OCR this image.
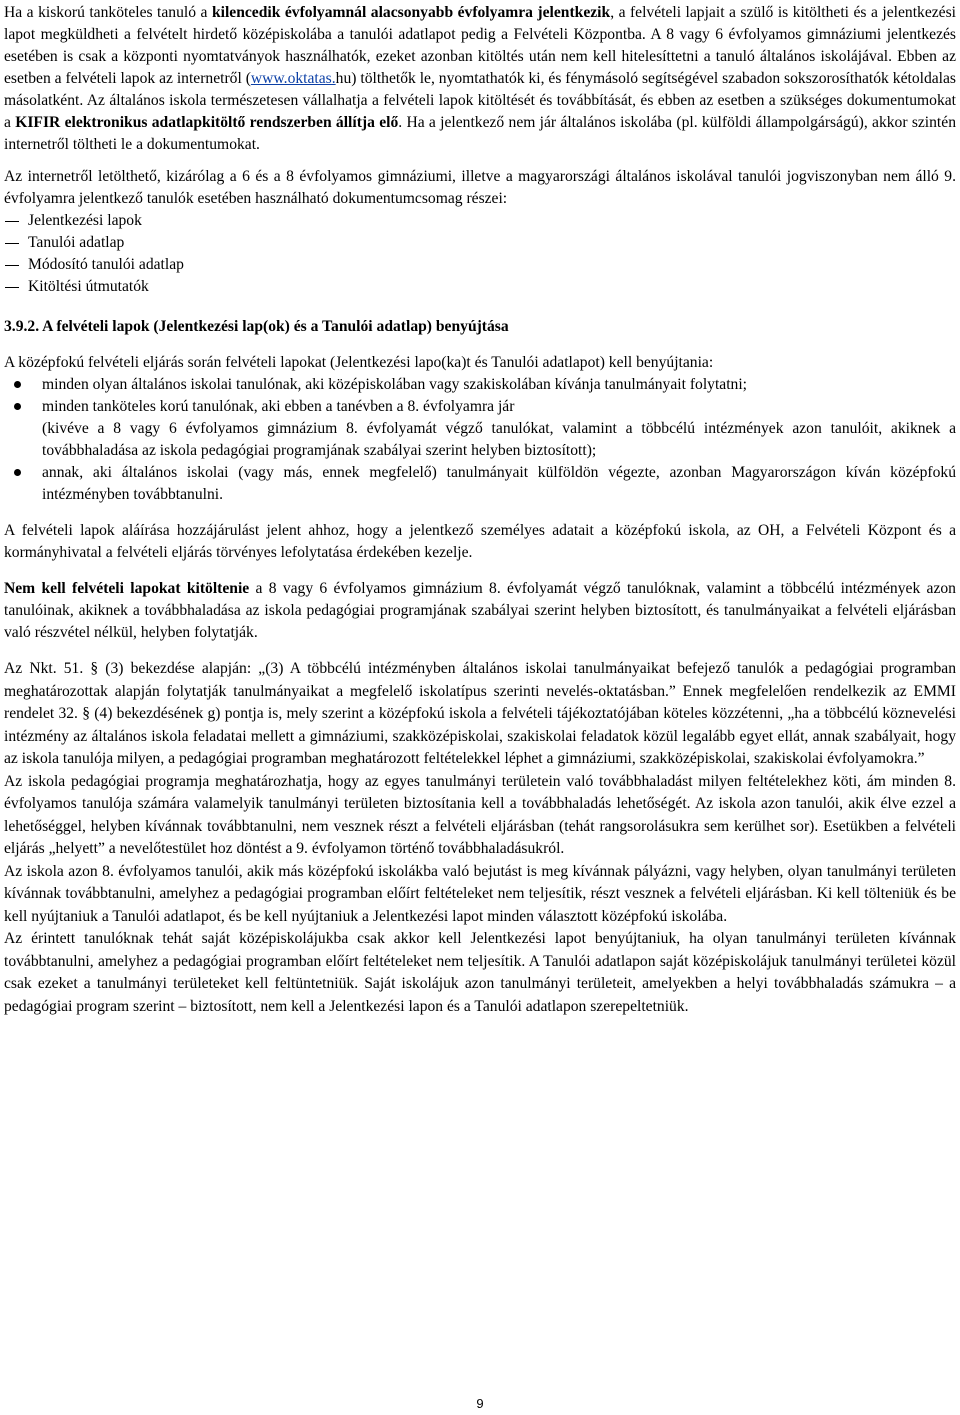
Ha a kiskorú tanköteles tanuló a kilencedik évfolyamnál alacsonyabb évfolyamra jelentkezik, a felvételi lapjait a szülő is kitöltheti és a jelentkezési lapot megküldheti a felvételt hirdető középiskolába a tanulói adatlapot pedig a Felvételi Központba. A 8 vagy 6 évfolyamos gimnáziumi jelentkezés esetében is csak a központi nyomtatványok használhatók, ezeket azonban kitöltés után nem kell hitelesíttetni a tanuló általános iskolájával. Ebben az esetben a felvételi lapok az internetről (www.oktatas.hu) tölthetők le, nyomtathatók ki, és fénymásoló segítségével szabadon sokszorosíthatók kétoldalas másolatként. Az általános iskola természetesen vállalhatja a felvételi lapok kitöltését és továbbítását, és ebben az esetben a szükséges dokumentumokat a KIFIR elektronikus adatlapkitöltő rendszerben állítja elő. Ha a jelentkező nem jár általános iskolába (pl. külföldi állampolgárságú), akkor szintén internetről töltheti le a dokumentumokat.

Az internetről letölthető, kizárólag a 6 és a 8 évfolyamos gimnáziumi, illetve a magyarországi általános iskolával tanulói jogviszonyban nem álló 9. évfolyamra jelentkező tanulók esetében használható dokumentumcsomag részei:

Jelentkezési lapok
Tanulói adatlap
Módosító tanulói adatlap
Kitöltési útmutatók

3.9.2. A felvételi lapok (Jelentkezési lap(ok) és a Tanulói adatlap) benyújtása

A középfokú felvételi eljárás során felvételi lapokat (Jelentkezési lapo(ka)t és Tanulói adatlapot) kell benyújtania:

minden olyan általános iskolai tanulónak, aki középiskolában vagy szakiskolában kívánja tanulmányait folytatni;
minden tanköteles korú tanulónak, aki ebben a tanévben a 8. évfolyamra jár
(kivéve a 8 vagy 6 évfolyamos gimnázium 8. évfolyamát végző tanulókat, valamint a többcélú intézmények azon tanulóit, akiknek a továbbhaladása az iskola pedagógiai programjának szabályai szerint helyben biztosított);
annak, aki általános iskolai (vagy más, ennek megfelelő) tanulmányait külföldön végezte, azonban Magyarországon kíván középfokú intézményben továbbtanulni.

A felvételi lapok aláírása hozzájárulást jelent ahhoz, hogy a jelentkező személyes adatait a középfokú iskola, az OH, a Felvételi Központ és a kormányhivatal a felvételi eljárás törvényes lefolytatása érdekében kezelje.

Nem kell felvételi lapokat kitöltenie a 8 vagy 6 évfolyamos gimnázium 8. évfolyamát végző tanulóknak, valamint a többcélú intézmények azon tanulóinak, akiknek a továbbhaladása az iskola pedagógiai programjának szabályai szerint helyben biztosított, és tanulmányaikat a felvételi eljárásban való részvétel nélkül, helyben folytatják.

Az Nkt. 51. § (3) bekezdése alapján: „(3) A többcélú intézményben általános iskolai tanulmányaikat befejező tanulók a pedagógiai programban meghatározottak alapján folytatják tanulmányaikat a megfelelő iskolatípus szerinti nevelés-oktatásban.” Ennek megfelelően rendelkezik az EMMI rendelet 32. § (4) bekezdésének g) pontja is, mely szerint a középfokú iskola a felvételi tájékoztatójában köteles közzétenni, „ha a többcélú köznevelési intézmény az általános iskola feladatai mellett a gimnáziumi, szakközépiskolai, szakiskolai feladatok közül legalább egyet ellát, annak szabályait, hogy az iskola tanulója milyen, a pedagógiai programban meghatározott feltételekkel léphet a gimnáziumi, szakközépiskolai, szakiskolai évfolyamokra.”

Az iskola pedagógiai programja meghatározhatja, hogy az egyes tanulmányi területein való továbbhaladást milyen feltételekhez köti, ám minden 8. évfolyamos tanulója számára valamelyik tanulmányi területen biztosítania kell a továbbhaladás lehetőségét. Az iskola azon tanulói, akik élve ezzel a lehetőséggel, helyben kívánnak továbbtanulni, nem vesznek részt a felvételi eljárásban (tehát rangsorolásukra sem kerülhet sor). Esetükben a felvételi eljárás „helyett” a nevelőtestület hoz döntést a 9. évfolyamon történő továbbhaladásukról.

Az iskola azon 8. évfolyamos tanulói, akik más középfokú iskolákba való bejutást is meg kívánnak pályázni, vagy helyben, olyan tanulmányi területen kívánnak továbbtanulni, amelyhez a pedagógiai programban előírt feltételeket nem teljesítik, részt vesznek a felvételi eljárásban. Ki kell tölteniük és be kell nyújtaniuk a Tanulói adatlapot, és be kell nyújtaniuk a Jelentkezési lapot minden választott középfokú iskolába.

Az érintett tanulóknak tehát saját középiskolájukba csak akkor kell Jelentkezési lapot benyújtaniuk, ha olyan tanulmányi területen kívánnak továbbtanulni, amelyhez a pedagógiai programban előírt feltételeket nem teljesítik. A Tanulói adatlapon saját középiskolájuk tanulmányi területei közül csak ezeket a tanulmányi területeket kell feltüntetniük. Saját iskolájuk azon tanulmányi területeit, amelyekben a helyi továbbhaladás számukra – a pedagógiai program szerint – biztosított, nem kell a Jelentkezési lapon és a Tanulói adatlapon szerepeltetniük.

9
